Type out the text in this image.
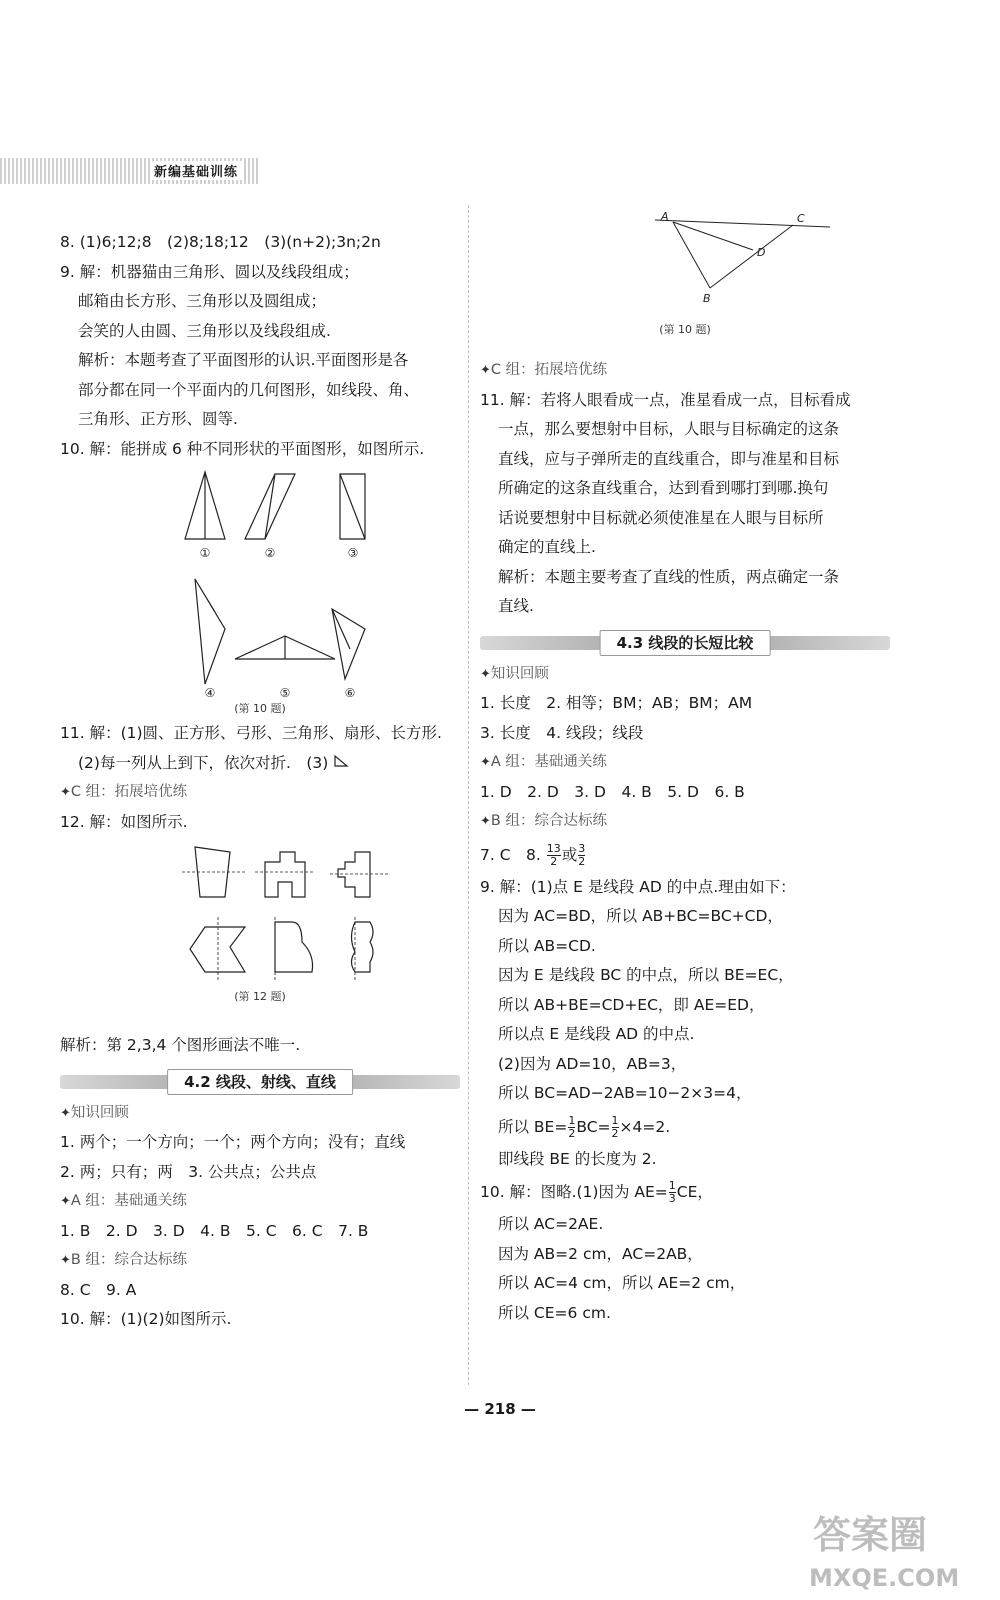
新编基础训练
8. (1)6;12;8　(2)8;18;12　(3)(n+2);3n;2n
9. 解：机器猫由三角形、圆以及线段组成；
邮箱由长方形、三角形以及圆组成；
会笑的人由圆、三角形以及线段组成.
解析：本题考查了平面图形的认识.平面图形是各
部分都在同一个平面内的几何图形，如线段、角、
三角形、正方形、圆等.
10. 解：能拼成 6 种不同形状的平面图形，如图所示.
①	②	③
④	⑤	⑥
(第 10 题)
11. 解：(1)圆、正方形、弓形、三角形、扇形、长方形.
(2)每一列从上到下，依次对折.　(3)
✦C 组：拓展培优练
12. 解：如图所示.
(第 12 题)
解析：第 2,3,4 个图形画法不唯一.
4.2 线段、射线、直线
✦知识回顾
1. 两个；一个方向；一个；两个方向；没有；直线
2. 两；只有；两　3. 公共点；公共点
✦A 组：基础通关练
1. B　2. D　3. D　4. B　5. C　6. C　7. B
✦B 组：综合达标练
8. C　9. A
10. 解：(1)(2)如图所示.
A	C
D
B
(第 10 题)
✦C 组：拓展培优练
11. 解：若将人眼看成一点，准星看成一点，目标看成
一点，那么要想射中目标，人眼与目标确定的这条
直线，应与子弹所走的直线重合，即与准星和目标
所确定的这条直线重合，达到看到哪打到哪.换句
话说要想射中目标就必须使准星在人眼与目标所
确定的直线上.
解析：本题主要考查了直线的性质，两点确定一条
直线.
4.3 线段的长短比较
✦知识回顾
1. 长度　2. 相等；BM；AB；BM；AM
3. 长度　4. 线段；线段
✦A 组：基础通关练
1. D　2. D　3. D　4. B　5. D　6. B
✦B 组：综合达标练
7. C　8. $\frac{13}{2}$ 或 $\frac{3}{2}$
9. 解：(1)点 E 是线段 AD 的中点.理由如下：
因为 AC=BD，所以 AB+BC=BC+CD，
所以 AB=CD.
因为 E 是线段 BC 的中点，所以 BE=EC，
所以 AB+BE=CD+EC，即 AE=ED，
所以点 E 是线段 AD 的中点.
(2)因为 AD=10，AB=3，
所以 BC=AD−2AB=10−2×3=4，
所以 $BE= \frac{1}{2} BC= \frac{1}{2} \times 4=2$.
即线段 BE 的长度为 2.
10. 解：图略.(1)因为 $AE= \frac{1}{3}$ CE，
所以 AC=2AE.
因为 AB=2 cm，AC=2AB，
所以 AC=4 cm，所以 AE=2 cm，
所以 CE=6 cm.
— 218 —
答案圈
MXQE.COM
